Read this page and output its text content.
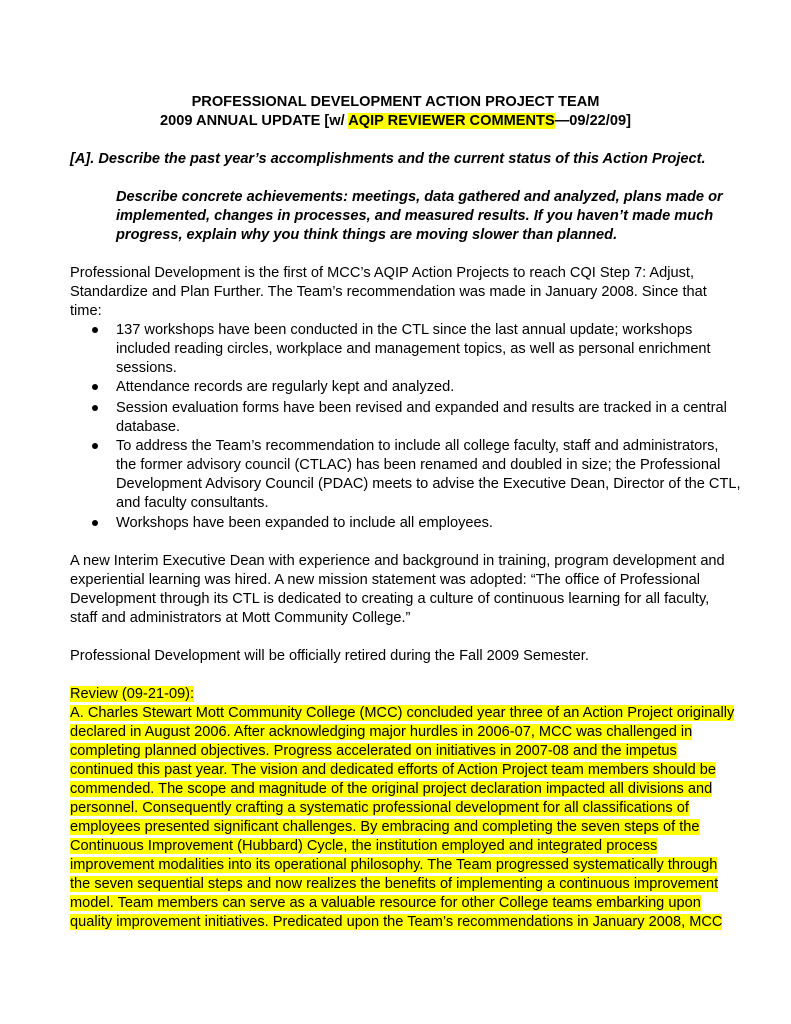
PROFESSIONAL DEVELOPMENT ACTION PROJECT TEAM
2009 ANNUAL UPDATE [w/ AQIP REVIEWER COMMENTS—09/22/09]
[A]. Describe the past year’s accomplishments and the current status of this Action Project.
Describe concrete achievements: meetings, data gathered and analyzed, plans made or
implemented, changes in processes, and measured results. If you haven’t made much
progress, explain why you think things are moving slower than planned.
Professional Development is the first of MCC’s AQIP Action Projects to reach CQI Step 7: Adjust,
Standardize and Plan Further. The Team’s recommendation was made in January 2008. Since that
time:
137 workshops have been conducted in the CTL since the last annual update; workshops
included reading circles, workplace and management topics, as well as personal enrichment
sessions.
Attendance records are regularly kept and analyzed.
Session evaluation forms have been revised and expanded and results are tracked in a central
database.
To address the Team’s recommendation to include all college faculty, staff and administrators,
the former advisory council (CTLAC) has been renamed and doubled in size; the Professional
Development Advisory Council (PDAC) meets to advise the Executive Dean, Director of the CTL,
and faculty consultants.
Workshops have been expanded to include all employees.
A new Interim Executive Dean with experience and background in training, program development and
experiential learning was hired. A new mission statement was adopted: “The office of Professional
Development through its CTL is dedicated to creating a culture of continuous learning for all faculty,
staff and administrators at Mott Community College.”
Professional Development will be officially retired during the Fall 2009 Semester.
Review (09-21-09):
A. Charles Stewart Mott Community College (MCC) concluded year three of an Action Project originally
declared in August 2006. After acknowledging major hurdles in 2006-07, MCC was challenged in
completing planned objectives. Progress accelerated on initiatives in 2007-08 and the impetus
continued this past year. The vision and dedicated efforts of Action Project team members should be
commended. The scope and magnitude of the original project declaration impacted all divisions and
personnel. Consequently crafting a systematic professional development for all classifications of
employees presented significant challenges. By embracing and completing the seven steps of the
Continuous Improvement (Hubbard) Cycle, the institution employed and integrated process
improvement modalities into its operational philosophy. The Team progressed systematically through
the seven sequential steps and now realizes the benefits of implementing a continuous improvement
model. Team members can serve as a valuable resource for other College teams embarking upon
quality improvement initiatives. Predicated upon the Team’s recommendations in January 2008, MCC
